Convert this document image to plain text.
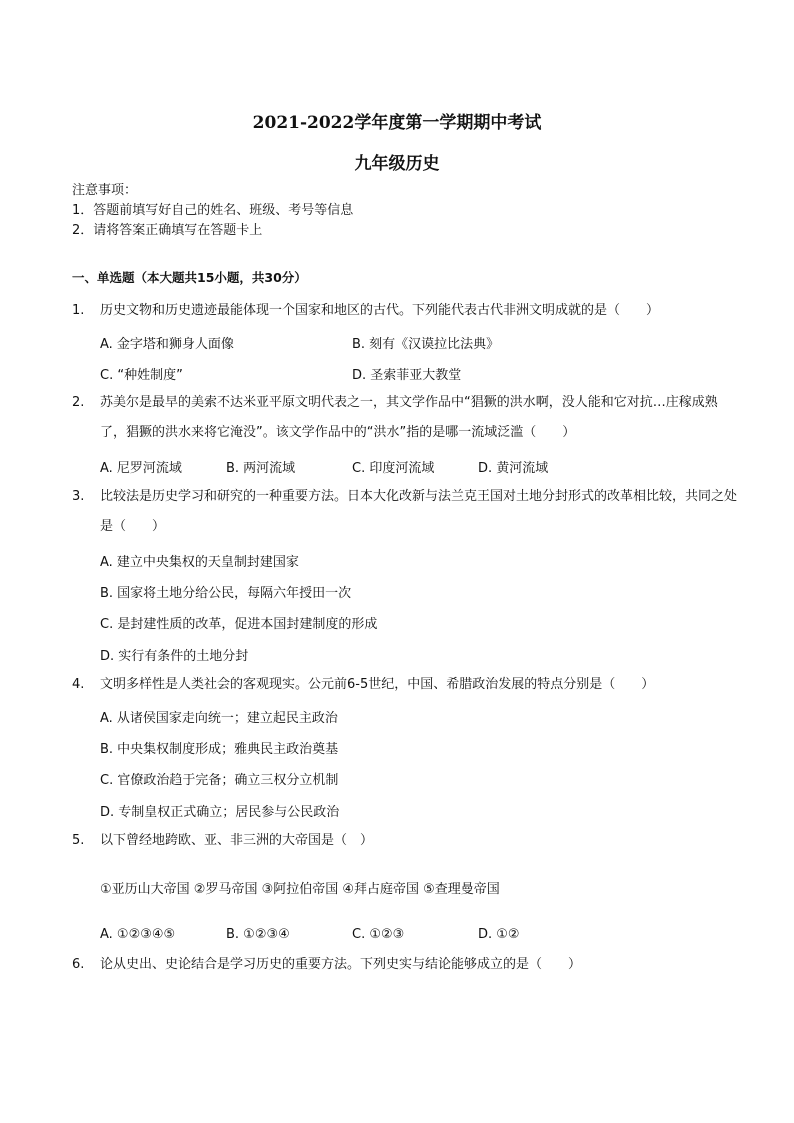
2021-2022学年度第一学期期中考试
九年级历史
注意事项：
1．答题前填写好自己的姓名、班级、考号等信息
2．请将答案正确填写在答题卡上
一、单选题（本大题共15小题，共30分）
1.	历史文物和历史遗迹最能体现一个国家和地区的古代。下列能代表古代非洲文明成就的是（　　）
A. 金字塔和狮身人面像	B. 刻有《汉谟拉比法典》
C. “种姓制度”	D. 圣索菲亚大教堂
2.	苏美尔是最早的美索不达米亚平原文明代表之一，其文学作品中“猖獗的洪水啊，没人能和它对抗…庄稼成熟了，猖獗的洪水来将它淹没”。该文学作品中的“洪水”指的是哪一流域泛滥（　　）
A. 尼罗河流域	B. 两河流域	C. 印度河流域	D. 黄河流域
3.	比较法是历史学习和研究的一种重要方法。日本大化改新与法兰克王国对土地分封形式的改革相比较，共同之处是（　　）
A. 建立中央集权的天皇制封建国家
B. 国家将土地分给公民，每隔六年授田一次
C. 是封建性质的改革，促进本国封建制度的形成
D. 实行有条件的土地分封
4.	文明多样性是人类社会的客观现实。公元前6-5世纪，中国、希腊政治发展的特点分别是（　　）
A. 从诸侯国家走向统一；建立起民主政治
B. 中央集权制度形成；雅典民主政治奠基
C. 官僚政治趋于完备；确立三权分立机制
D. 专制皇权正式确立；居民参与公民政治
5.	以下曾经地跨欧、亚、非三洲的大帝国是（　）
①亚历山大帝国 ②罗马帝国 ③阿拉伯帝国 ④拜占庭帝国 ⑤查理曼帝国
A. ①②③④⑤	B. ①②③④	C. ①②③	D. ①②
6.	论从史出、史论结合是学习历史的重要方法。下列史实与结论能够成立的是（　　）
